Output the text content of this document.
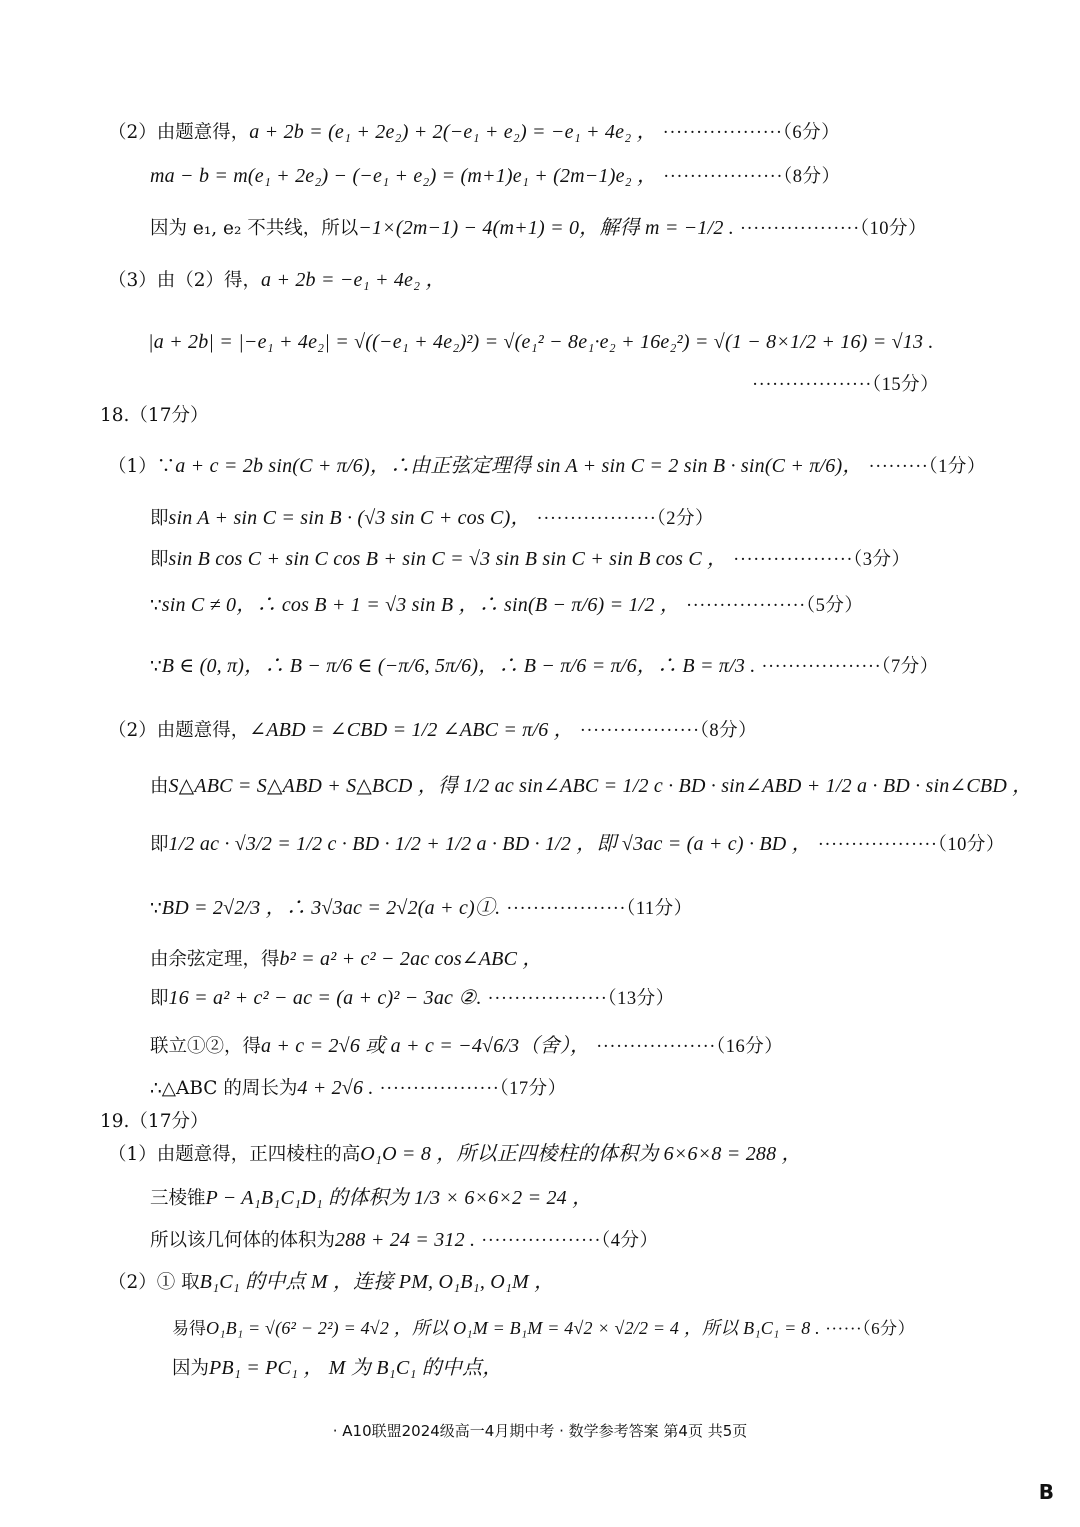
（2）由题意得，a + 2b = (e₁ + 2e₂) + 2(−e₁ + e₂) = −e₁ + 4e₂ ， ··················（6分）
ma − b = m(e₁ + 2e₂) − (−e₁ + e₂) = (m+1)e₁ + (2m−1)e₂ ， ··················（8分）
因为 e₁, e₂ 不共线，所以−1×(2m−1) − 4(m+1) = 0，解得 m = −1/2 . ··················（10分）
（3）由（2）得，a + 2b = −e₁ + 4e₂ ，
|a + 2b| = |−e₁ + 4e₂| = √((−e₁ + 4e₂)²) = √(e₁² − 8e₁·e₂ + 16e₂²) = √(1 − 8×1/2 + 16) = √13 .
··················（15分）
18.（17分）
（1）∵a + c = 2b sin(C + π/6)，∴由正弦定理得 sin A + sin C = 2 sin B · sin(C + π/6)， ·········（1分）
即sin A + sin C = sin B · (√3 sin C + cos C)， ··················（2分）
即sin B cos C + sin C cos B + sin C = √3 sin B sin C + sin B cos C ， ··················（3分）
∵sin C ≠ 0，∴ cos B + 1 = √3 sin B ，∴ sin(B − π/6) = 1/2 ， ··················（5分）
∵B ∈ (0, π)，∴ B − π/6 ∈ (−π/6, 5π/6)，∴ B − π/6 = π/6，∴ B = π/3 . ··················（7分）
（2）由题意得，∠ABD = ∠CBD = 1/2 ∠ABC = π/6 ， ··················（8分）
由S△ABC = S△ABD + S△BCD ，得 1/2 ac sin∠ABC = 1/2 c · BD · sin∠ABD + 1/2 a · BD · sin∠CBD ，
即1/2 ac · √3/2 = 1/2 c · BD · 1/2 + 1/2 a · BD · 1/2 ，即 √3ac = (a + c) · BD ， ··················（10分）
∵BD = 2√2/3 ，∴ 3√3ac = 2√2(a + c)①. ··················（11分）
由余弦定理，得b² = a² + c² − 2ac cos∠ABC ，
即16 = a² + c² − ac = (a + c)² − 3ac ②. ··················（13分）
联立①②，得a + c = 2√6 或 a + c = −4√6/3（舍）， ··················（16分）
∴△ABC 的周长为4 + 2√6 . ··················（17分）
19.（17分）
（1）由题意得，正四棱柱的高O₁O = 8 ，所以正四棱柱的体积为 6×6×8 = 288 ，
三棱锥P − A₁B₁C₁D₁ 的体积为 1/3 × 6×6×2 = 24 ，
所以该几何体的体积为288 + 24 = 312 . ··················（4分）
（2）① 取B₁C₁ 的中点 M ，连接 PM, O₁B₁, O₁M ，
易得O₁B₁ = √(6² − 2²) = 4√2 ，所以 O₁M = B₁M = 4√2 × √2/2 = 4 ，所以 B₁C₁ = 8 . ······（6分）
因为PB₁ = PC₁ ， M 为 B₁C₁ 的中点，
· A10联盟2024级高一4月期中考 · 数学参考答案 第4页 共5页
B
